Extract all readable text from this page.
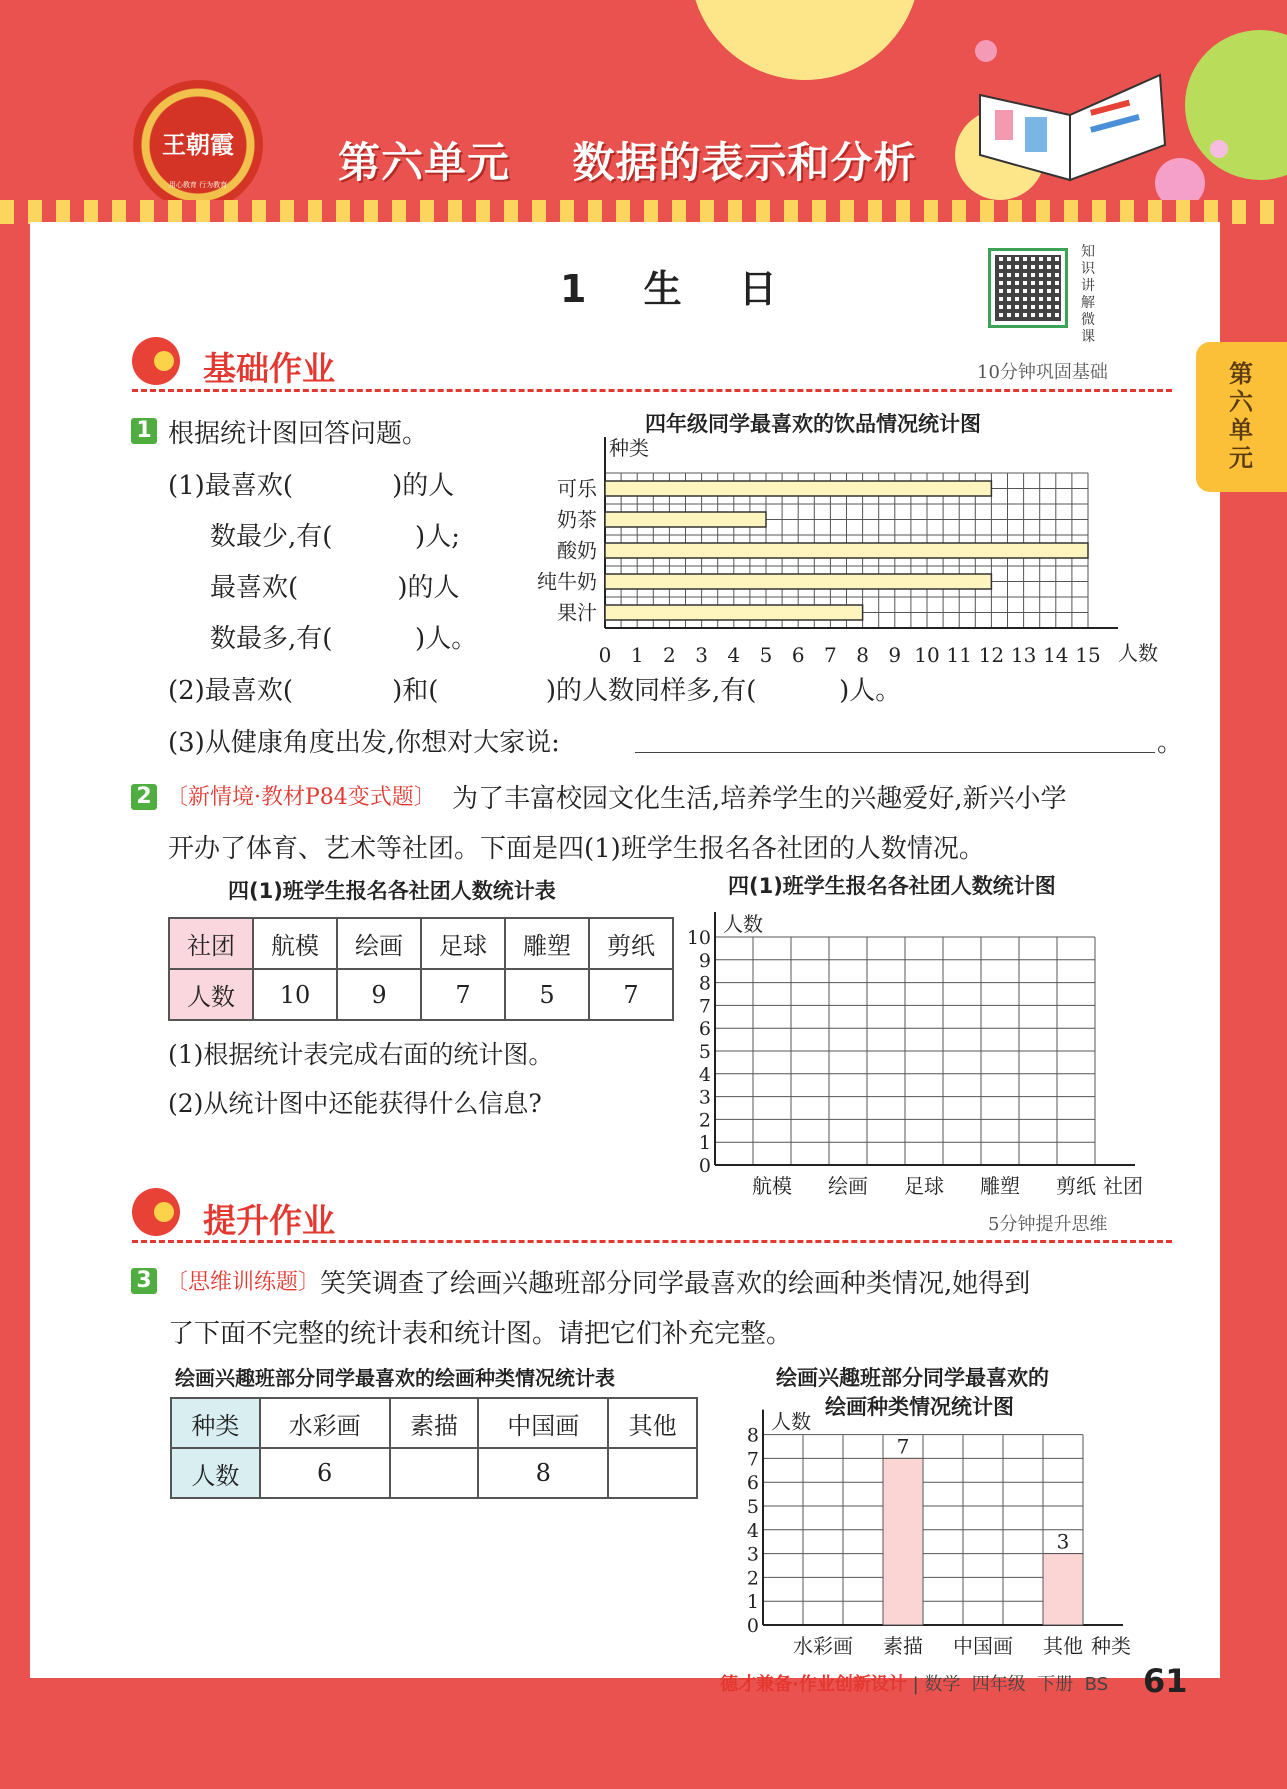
王朝霞
用心教育 行为教育	第六单元    数据的表示和分析
第六单元
1 生 日
知识讲解微课
基础作业	10分钟巩固基础
1 根据统计图回答问题。
(1)最喜欢(            )的人
数最少,有(          )人;
最喜欢(            )的人
数最多,有(          )人。
(2)最喜欢(            )和(             )的人数同样多,有(          )人。
(3)从健康角度出发,你想对大家说:	。
四年级同学最喜欢的饮品情况统计图
种类
可乐
奶茶
酸奶
纯牛奶
果汁
0 1 2 3 4 5 6 7 8 9 10 11 12 13 14 15 人数
2 〔新情境·教材P84变式题〕 为了丰富校园文化生活,培养学生的兴趣爱好,新兴小学
开办了体育、艺术等社团。下面是四(1)班学生报名各社团的人数情况。
四(1)班学生报名各社团人数统计表
社团	航模	绘画	足球	雕塑	剪纸
人数	10	9	7	5	7
(1)根据统计表完成右面的统计图。
(2)从统计图中还能获得什么信息?
四(1)班学生报名各社团人数统计图
0
1
2
3
4
5
6
7
8
9
10
人数
航模 绘画 足球 雕塑 剪纸 社团
提升作业	5分钟提升思维
3 〔思维训练题〕 笑笑调查了绘画兴趣班部分同学最喜欢的绘画种类情况,她得到
了下面不完整的统计表和统计图。请把它们补充完整。
绘画兴趣班部分同学最喜欢的绘画种类情况统计表
种类	水彩画	素描	中国画	其他
人数	6		8	
绘画兴趣班部分同学最喜欢的
绘画种类情况统计图
0
1
2
3
4
5
6
7
8
人数
水彩画 素描
7
中国画 其他
3
种类
德才兼备·作业创新设计 | 数学  四年级  下册  BS 61
